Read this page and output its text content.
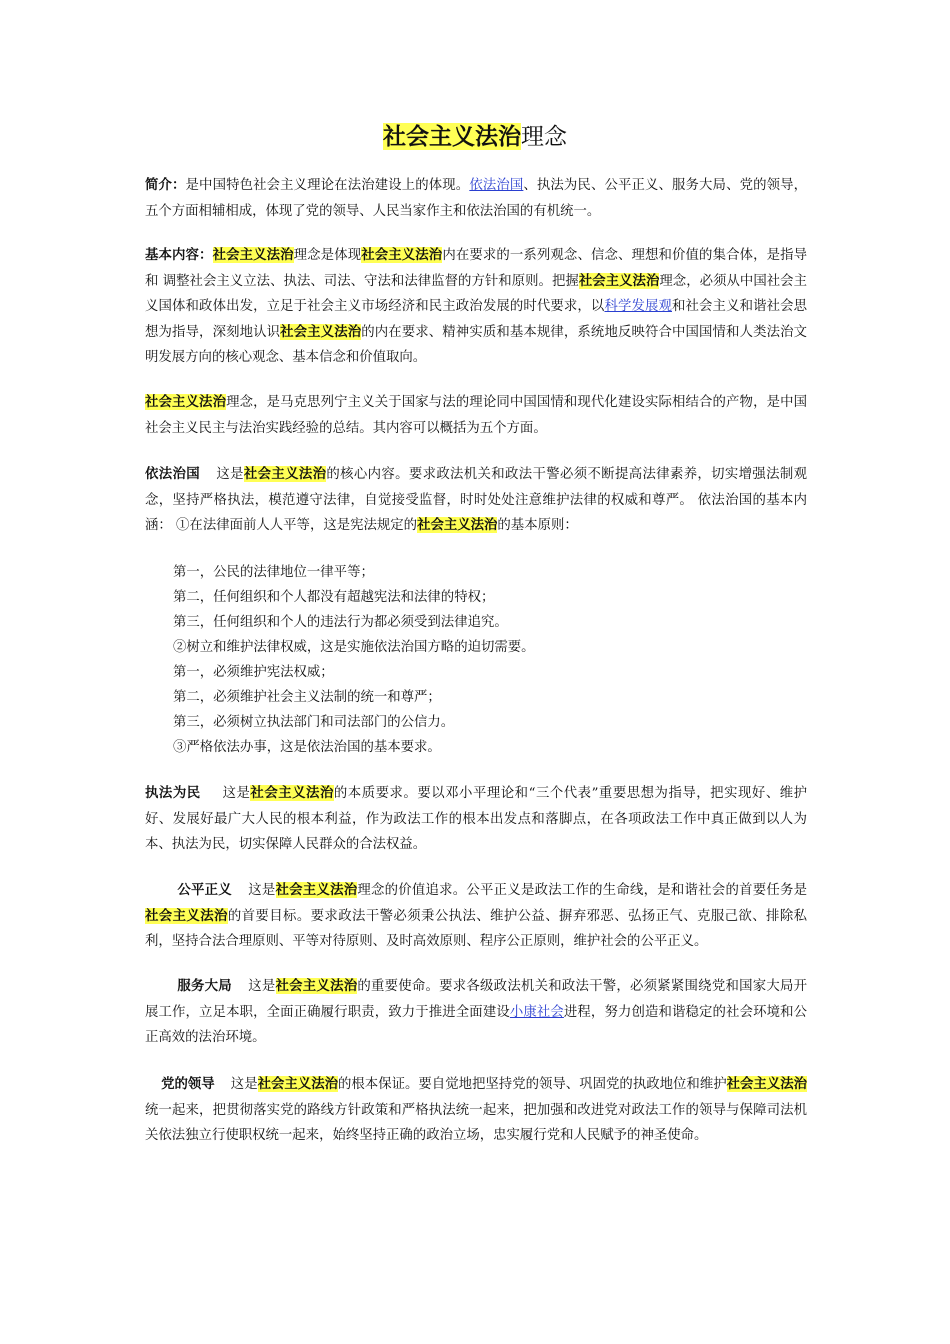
社会主义法治理念

简介：是中国特色社会主义理论在法治建设上的体现。依法治国、执法为民、公平正义、服务大局、党的领导，五个方面相辅相成，体现了党的领导、人民当家作主和依法治国的有机统一。

基本内容：社会主义法治理念是体现社会主义法治内在要求的一系列观念、信念、理想和价值的集合体，是指导和 调整社会主义立法、执法、司法、守法和法律监督的方针和原则。把握社会主义法治理念，必须从中国社会主义国体和政体出发，立足于社会主义市场经济和民主政治发展的时代要求，以科学发展观和社会主义和谐社会思想为指导，深刻地认识社会主义法治的内在要求、精神实质和基本规律，系统地反映符合中国国情和人类法治文明发展方向的核心观念、基本信念和价值取向。

社会主义法治理念，是马克思列宁主义关于国家与法的理论同中国国情和现代化建设实际相结合的产物，是中国社会主义民主与法治实践经验的总结。其内容可以概括为五个方面。

依法治国 这是社会主义法治的核心内容。要求政法机关和政法干警必须不断提高法律素养，切实增强法制观念，坚持严格执法，模范遵守法律，自觉接受监督，时时处处注意维护法律的权威和尊严。 依法治国的基本内涵： ①在法律面前人人平等，这是宪法规定的社会主义法治的基本原则：

第一，公民的法律地位一律平等；
第二，任何组织和个人都没有超越宪法和法律的特权；
第三，任何组织和个人的违法行为都必须受到法律追究。
②树立和维护法律权威，这是实施依法治国方略的迫切需要。
第一，必须维护宪法权威；
第二，必须维护社会主义法制的统一和尊严；
第三，必须树立执法部门和司法部门的公信力。
③严格依法办事，这是依法治国的基本要求。

执法为民 这是社会主义法治的本质要求。要以邓小平理论和“三个代表”重要思想为指导，把实现好、维护好、发展好最广大人民的根本利益，作为政法工作的根本出发点和落脚点，在各项政法工作中真正做到以人为本、执法为民，切实保障人民群众的合法权益。

公平正义 这是社会主义法治理念的价值追求。公平正义是政法工作的生命线，是和谐社会的首要任务是社会主义法治的首要目标。要求政法干警必须秉公执法、维护公益、摒弃邪恶、弘扬正气、克服己欲、排除私利，坚持合法合理原则、平等对待原则、及时高效原则、程序公正原则，维护社会的公平正义。

服务大局 这是社会主义法治的重要使命。要求各级政法机关和政法干警，必须紧紧围绕党和国家大局开展工作，立足本职，全面正确履行职责，致力于推进全面建设小康社会进程，努力创造和谐稳定的社会环境和公正高效的法治环境。

党的领导 这是社会主义法治的根本保证。要自觉地把坚持党的领导、巩固党的执政地位和维护社会主义法治统一起来，把贯彻落实党的路线方针政策和严格执法统一起来，把加强和改进党对政法工作的领导与保障司法机关依法独立行使职权统一起来，始终坚持正确的政治立场，忠实履行党和人民赋予的神圣使命。
